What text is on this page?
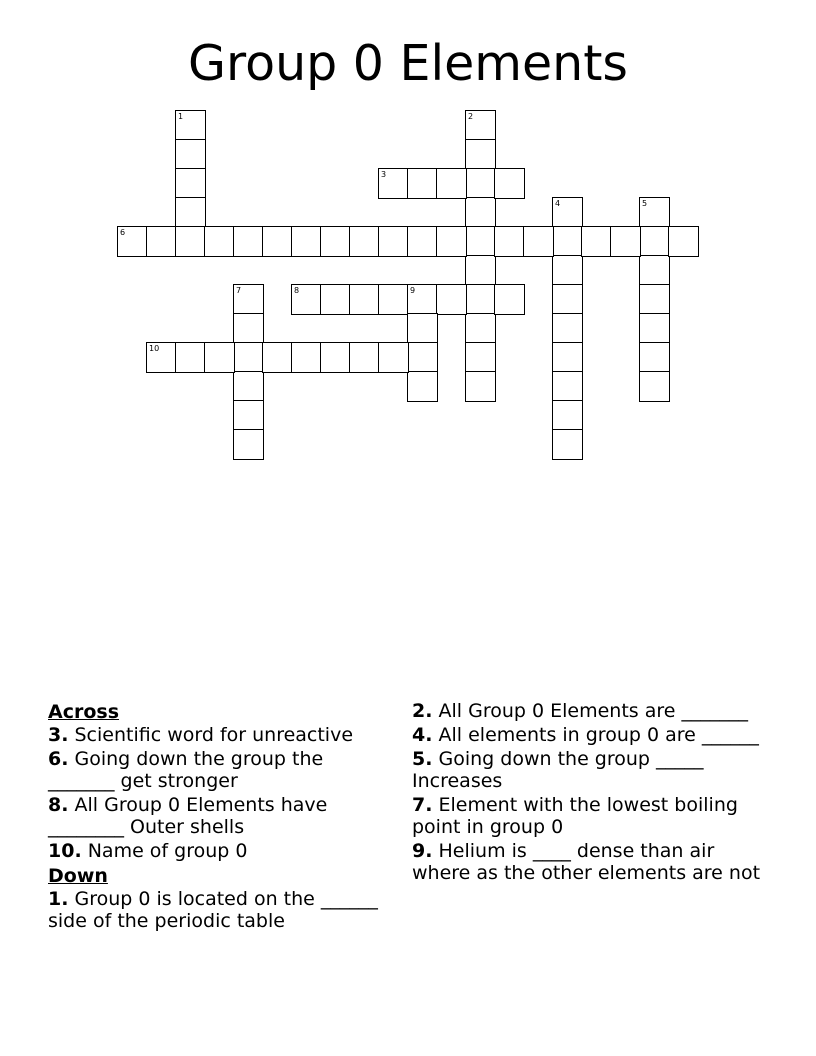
Group 0 Elements
1	2
3
4	5
6
7	8	9
10
Across
3. Scientific word for unreactive
6. Going down the group the _______ get stronger
8. All Group 0 Elements have ________ Outer shells
10. Name of group 0
Down
1. Group 0 is located on the ______ side of the periodic table
2. All Group 0 Elements are _______
4. All elements in group 0 are ______
5. Going down the group _____ Increases
7. Element with the lowest boiling point in group 0
9. Helium is ____ dense than air where as the other elements are not
